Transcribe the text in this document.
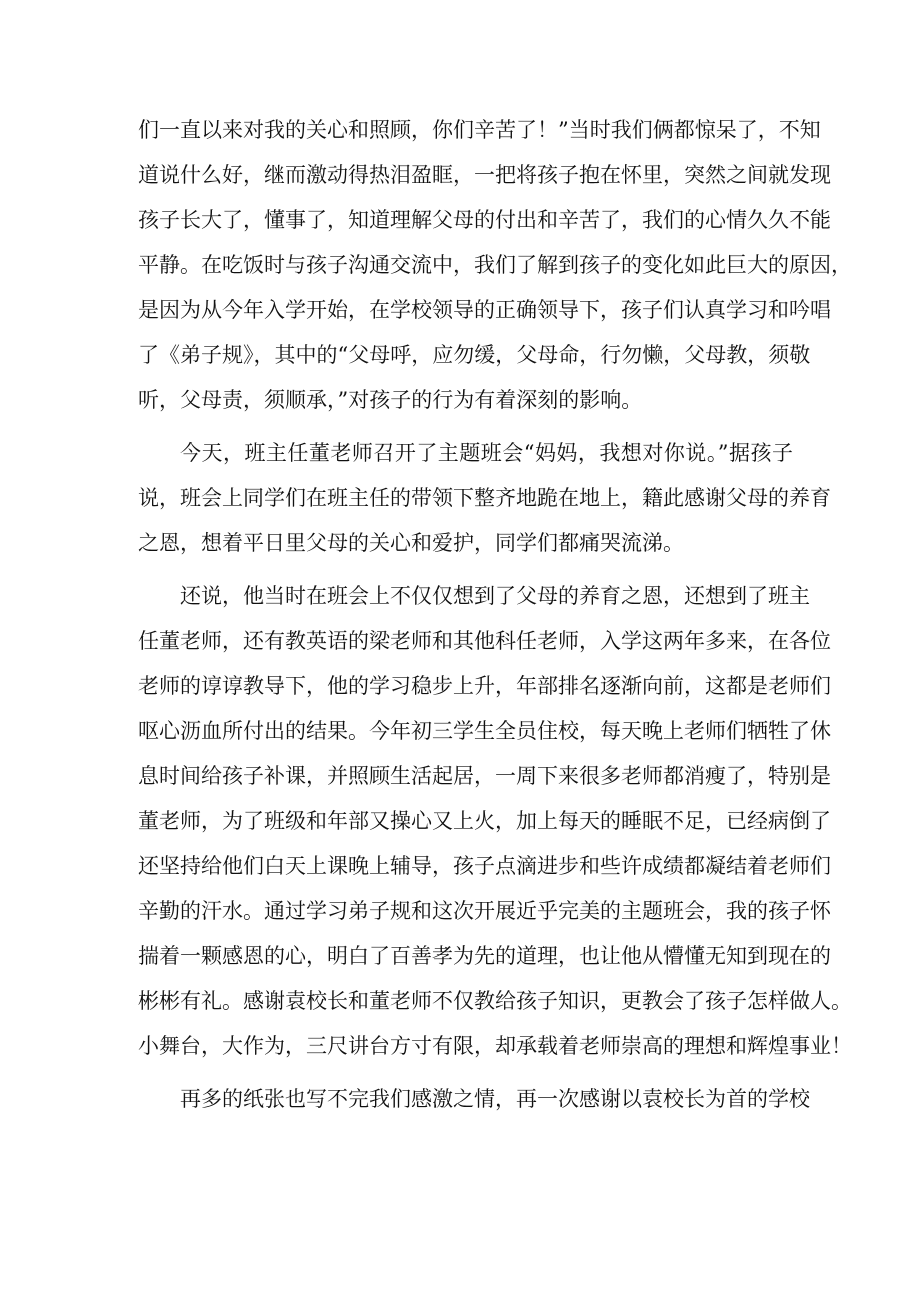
们一直以来对我的关心和照顾，你们辛苦了！”当时我们俩都惊呆了，不知
道说什么好，继而激动得热泪盈眶，一把将孩子抱在怀里，突然之间就发现
孩子长大了，懂事了，知道理解父母的付出和辛苦了，我们的心情久久不能
平静。在吃饭时与孩子沟通交流中，我们了解到孩子的变化如此巨大的原因，
是因为从今年入学开始，在学校领导的正确领导下，孩子们认真学习和吟唱
了《弟子规》，其中的“父母呼，应勿缓，父母命，行勿懒，父母教，须敬
听，父母责，须顺承，”对孩子的行为有着深刻的影响。
今天，班主任董老师召开了主题班会“妈妈，我想对你说。”据孩子
说，班会上同学们在班主任的带领下整齐地跪在地上，籍此感谢父母的养育
之恩，想着平日里父母的关心和爱护，同学们都痛哭流涕。
还说，他当时在班会上不仅仅想到了父母的养育之恩，还想到了班主
任董老师，还有教英语的梁老师和其他科任老师，入学这两年多来，在各位
老师的谆谆教导下，他的学习稳步上升，年部排名逐渐向前，这都是老师们
呕心沥血所付出的结果。今年初三学生全员住校，每天晚上老师们牺牲了休
息时间给孩子补课，并照顾生活起居，一周下来很多老师都消瘦了，特别是
董老师，为了班级和年部又操心又上火，加上每天的睡眠不足，已经病倒了
还坚持给他们白天上课晚上辅导，孩子点滴进步和些许成绩都凝结着老师们
辛勤的汗水。通过学习弟子规和这次开展近乎完美的主题班会，我的孩子怀
揣着一颗感恩的心，明白了百善孝为先的道理，也让他从懵懂无知到现在的
彬彬有礼。感谢袁校长和董老师不仅教给孩子知识，更教会了孩子怎样做人。
小舞台，大作为，三尺讲台方寸有限，却承载着老师崇高的理想和辉煌事业！
再多的纸张也写不完我们感激之情，再一次感谢以袁校长为首的学校
